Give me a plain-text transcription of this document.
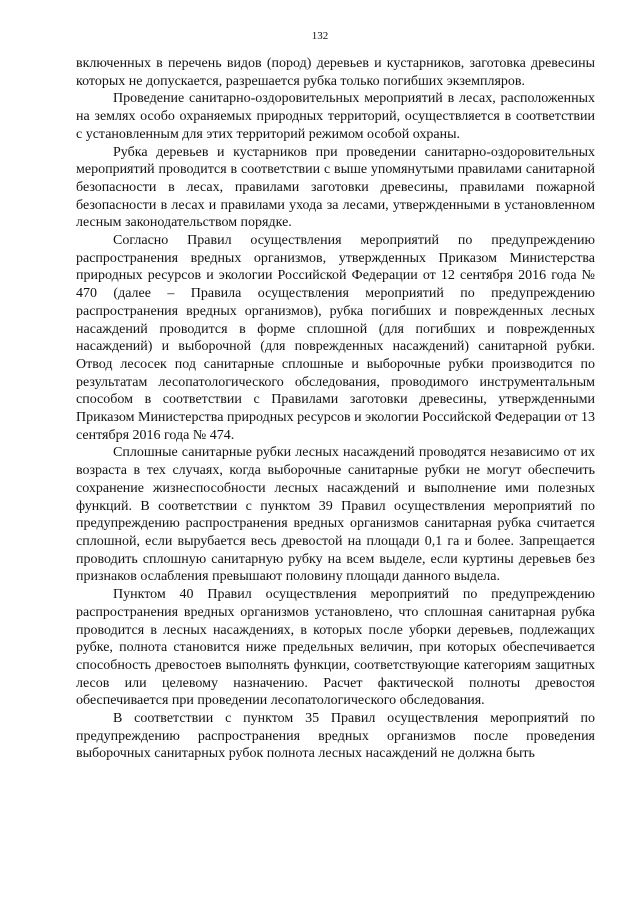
132

включенных в перечень видов (пород) деревьев и кустарников, заготовка древесины которых не допускается, разрешается рубка только погибших экземпляров.

Проведение санитарно-оздоровительных мероприятий в лесах, расположенных на землях особо охраняемых природных территорий, осуществляется в соответствии с установленным для этих территорий режимом особой охраны.

Рубка деревьев и кустарников при проведении санитарно-оздоровительных мероприятий проводится в соответствии с выше упомянутыми правилами санитарной безопасности в лесах, правилами заготовки древесины, правилами пожарной безопасности в лесах и правилами ухода за лесами, утвержденными в установленном лесным законодательством порядке.

Согласно Правил осуществления мероприятий по предупреждению распространения вредных организмов, утвержденных Приказом Министерства природных ресурсов и экологии Российской Федерации от 12 сентября 2016 года № 470 (далее – Правила осуществления мероприятий по предупреждению распространения вредных организмов), рубка погибших и поврежденных лесных насаждений проводится в форме сплошной (для погибших и поврежденных насаждений) и выборочной (для поврежденных насаждений) санитарной рубки. Отвод лесосек под санитарные сплошные и выборочные рубки производится по результатам лесопатологического обследования, проводимого инструментальным способом в соответствии с Правилами заготовки древесины, утвержденными Приказом Министерства природных ресурсов и экологии Российской Федерации от 13 сентября 2016 года № 474.

Сплошные санитарные рубки лесных насаждений проводятся независимо от их возраста в тех случаях, когда выборочные санитарные рубки не могут обеспечить сохранение жизнеспособности лесных насаждений и выполнение ими полезных функций. В соответствии с пунктом 39 Правил осуществления мероприятий по предупреждению распространения вредных организмов санитарная рубка считается сплошной, если вырубается весь древостой на площади 0,1 га и более. Запрещается проводить сплошную санитарную рубку на всем выделе, если куртины деревьев без признаков ослабления превышают половину площади данного выдела.

Пунктом 40 Правил осуществления мероприятий по предупреждению распространения вредных организмов установлено, что сплошная санитарная рубка проводится в лесных насаждениях, в которых после уборки деревьев, подлежащих рубке, полнота становится ниже предельных величин, при которых обеспечивается способность древостоев выполнять функции, соответствующие категориям защитных лесов или целевому назначению. Расчет фактической полноты древостоя обеспечивается при проведении лесопатологического обследования.

В соответствии с пунктом 35 Правил осуществления мероприятий по предупреждению распространения вредных организмов после проведения выборочных санитарных рубок полнота лесных насаждений не должна быть
